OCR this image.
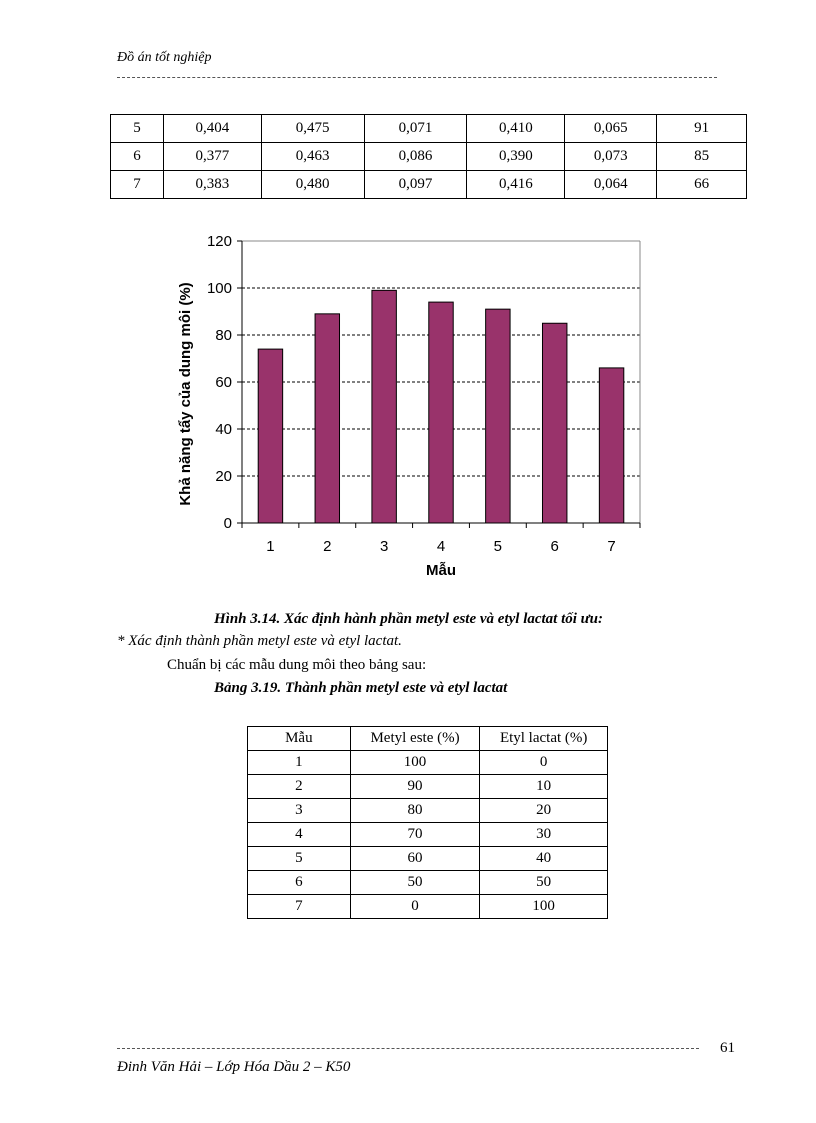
Đồ án tốt nghiệp
5	0,404	0,475	0,071	0,410	0,065	91
6	0,377	0,463	0,086	0,390	0,073	85
7	0,383	0,480	0,097	0,416	0,064	66
0
20
40
60
80
100
120
1	2	3	4	5	6	7
Mẫu
Khả năng tẩy của dung môi (%)
Hình 3.14. Xác định hành phần metyl este và etyl lactat tối ưu:
* Xác định thành phần metyl este và etyl lactat.
Chuẩn bị các mẫu dung môi theo bảng sau:
Bảng 3.19. Thành phần metyl este và etyl lactat
Mẫu	Metyl este (%)	Etyl lactat (%)
1	100	0
2	90	10
3	80	20
4	70	30
5	60	40
6	50	50
7	0	100
61
Đinh Văn Hải – Lớp Hóa Dầu 2 – K50
